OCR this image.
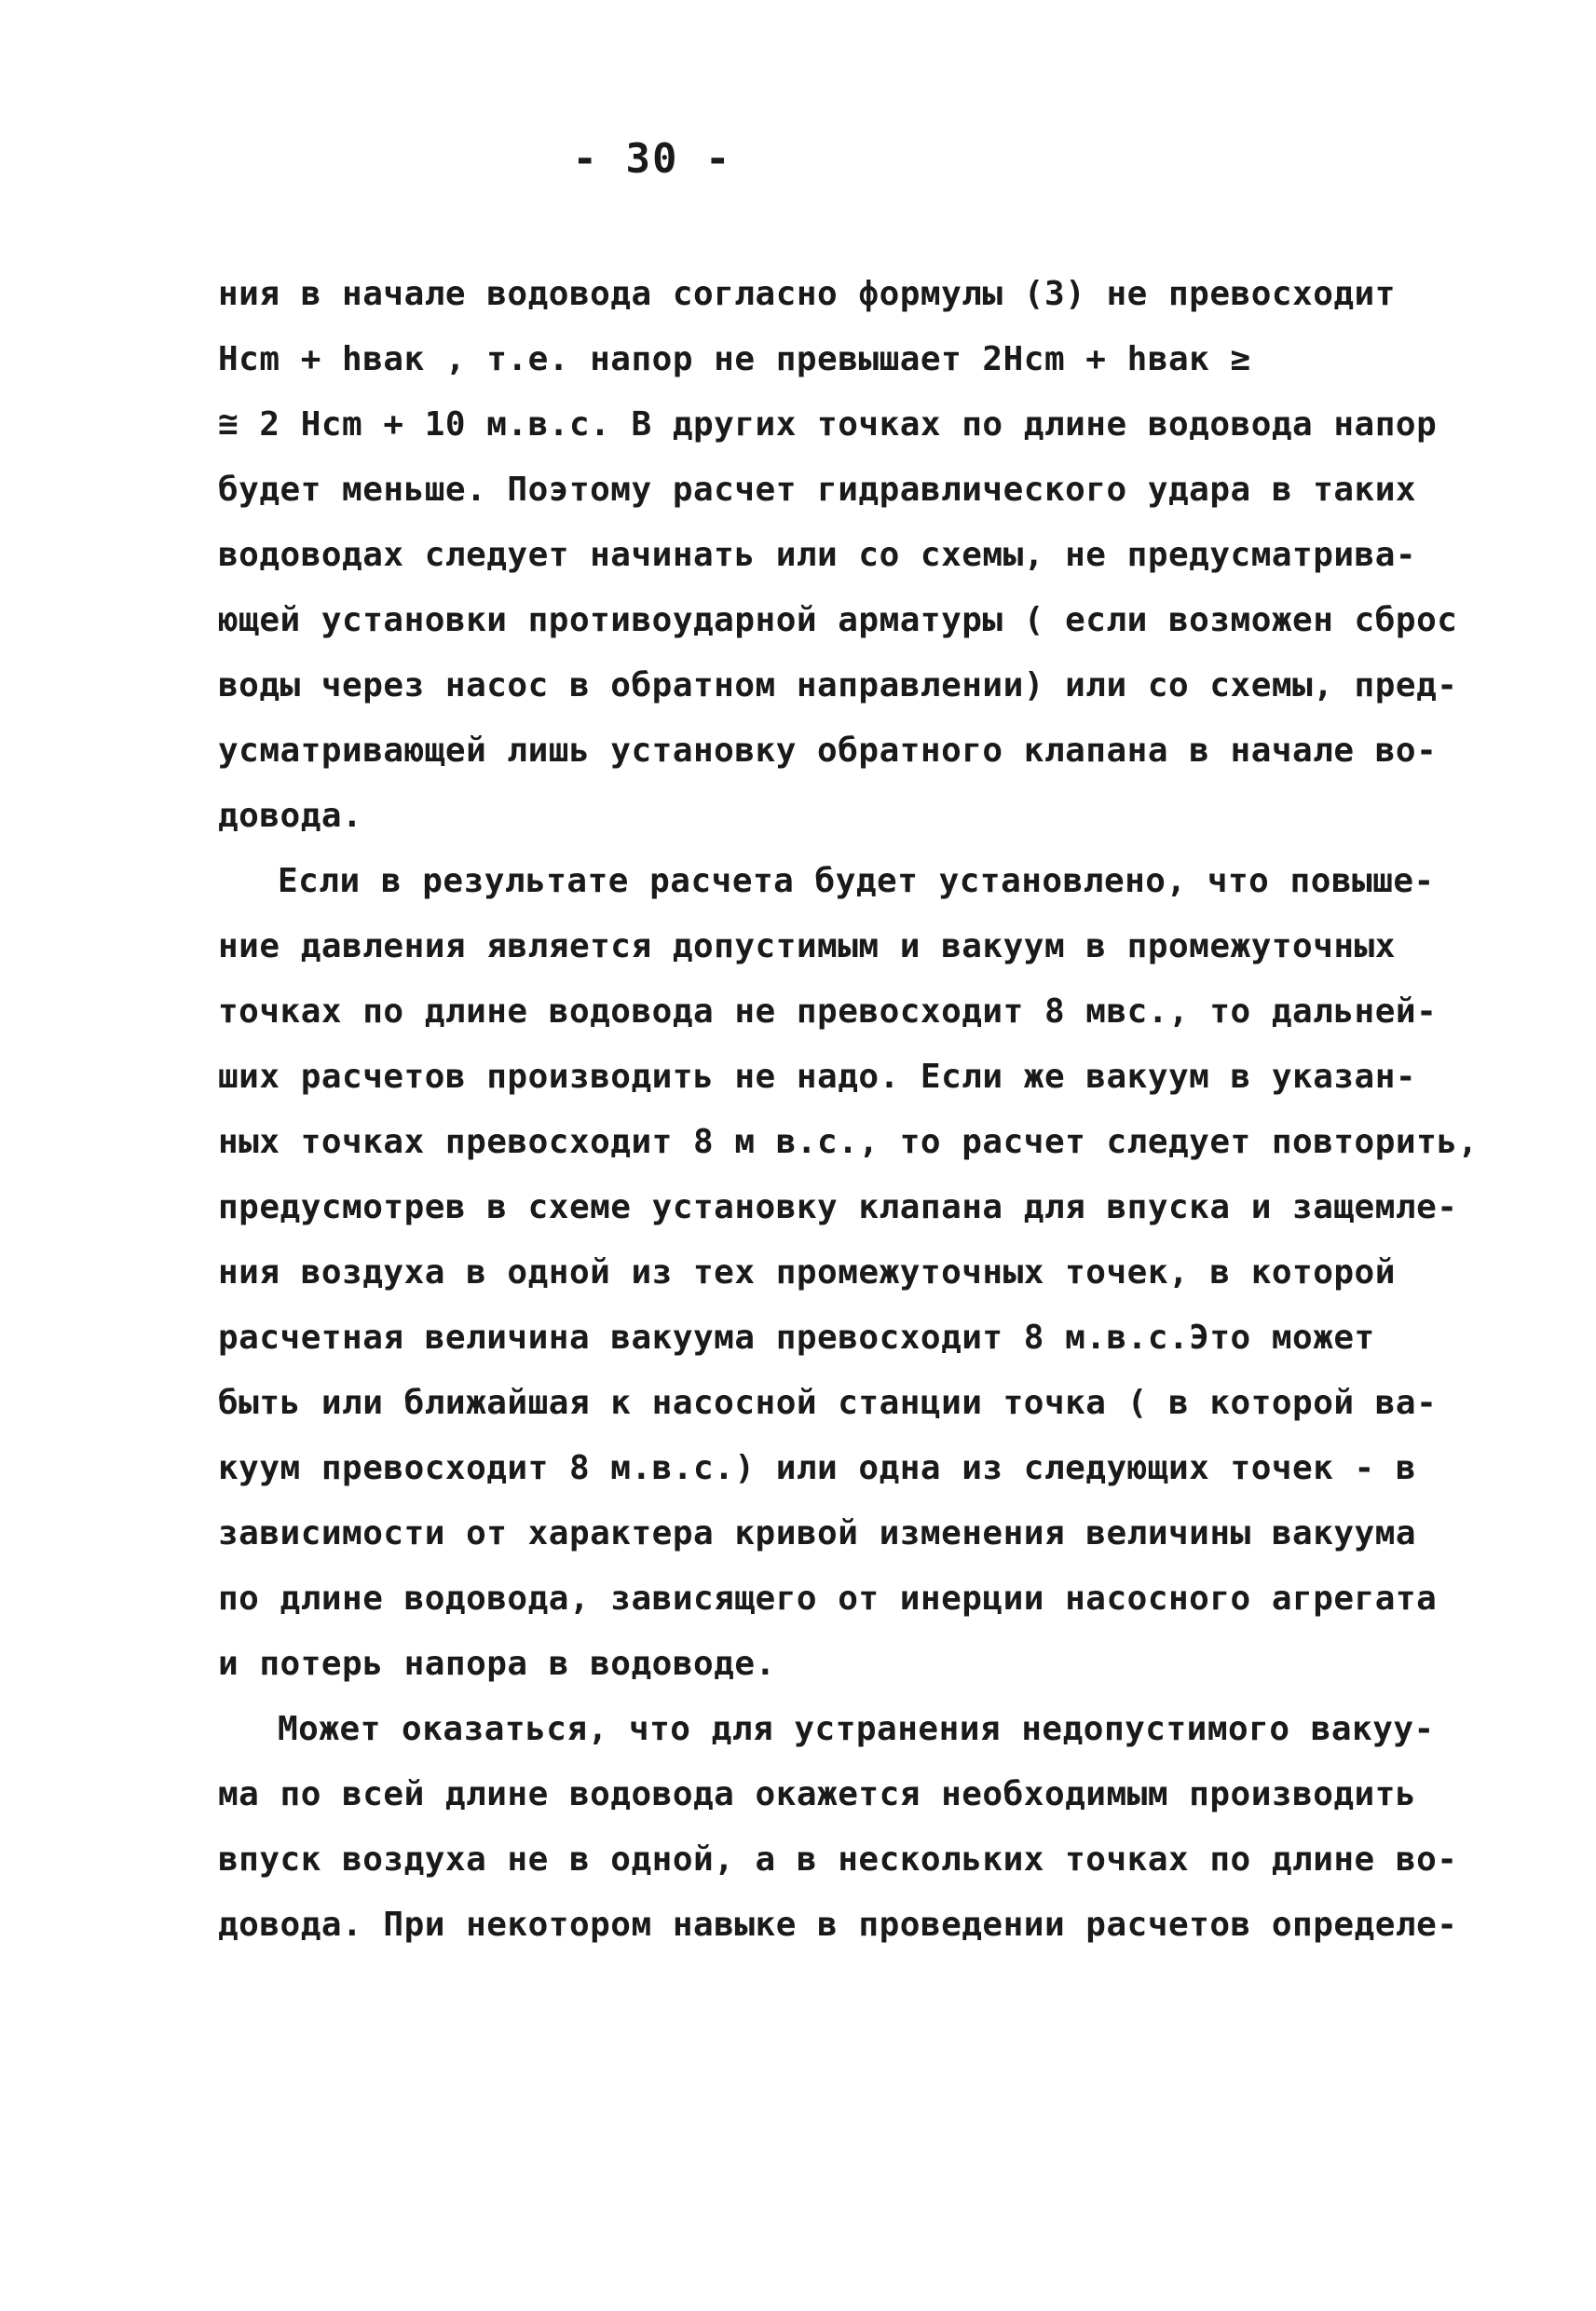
- 30 -
ния в начале водовода согласно формулы (3) не превосходит
Hcm + hвак , т.е. напор не превышает 2Hcm + hвак ≥
≅ 2 Hcm + 10 м.в.с. В других точках по длине водовода напор
будет меньше. Поэтому расчет гидравлического удара в таких
водоводах следует начинать или со схемы, не предусматрива-
ющей установки противоударной арматуры ( если возможен сброс
воды через насос в обратном направлении) или со схемы, пред-
усматривающей лишь установку обратного клапана в начале во-
довода.
Если в результате расчета будет установлено, что повыше-
ние давления является допустимым и вакуум в промежуточных
точках по длине водовода не превосходит 8 мвс., то дальней-
ших расчетов производить не надо. Если же вакуум в указан-
ных точках превосходит 8 м в.с., то расчет следует повторить,
предусмотрев в схеме установку клапана для впуска и защемле-
ния воздуха в одной из тех промежуточных точек, в которой
расчетная величина вакуума превосходит 8 м.в.с.Это может
быть или ближайшая к насосной станции точка ( в которой ва-
куум превосходит 8 м.в.с.) или одна из следующих точек - в
зависимости от характера кривой изменения величины вакуума
по длине водовода, зависящего от инерции насосного агрегата
и потерь напора в водоводе.
Может оказаться, что для устранения недопустимого вакуу-
ма по всей длине водовода окажется необходимым производить
впуск воздуха не в одной, а в нескольких точках по длине во-
довода. При некотором навыке в проведении расчетов определе-
